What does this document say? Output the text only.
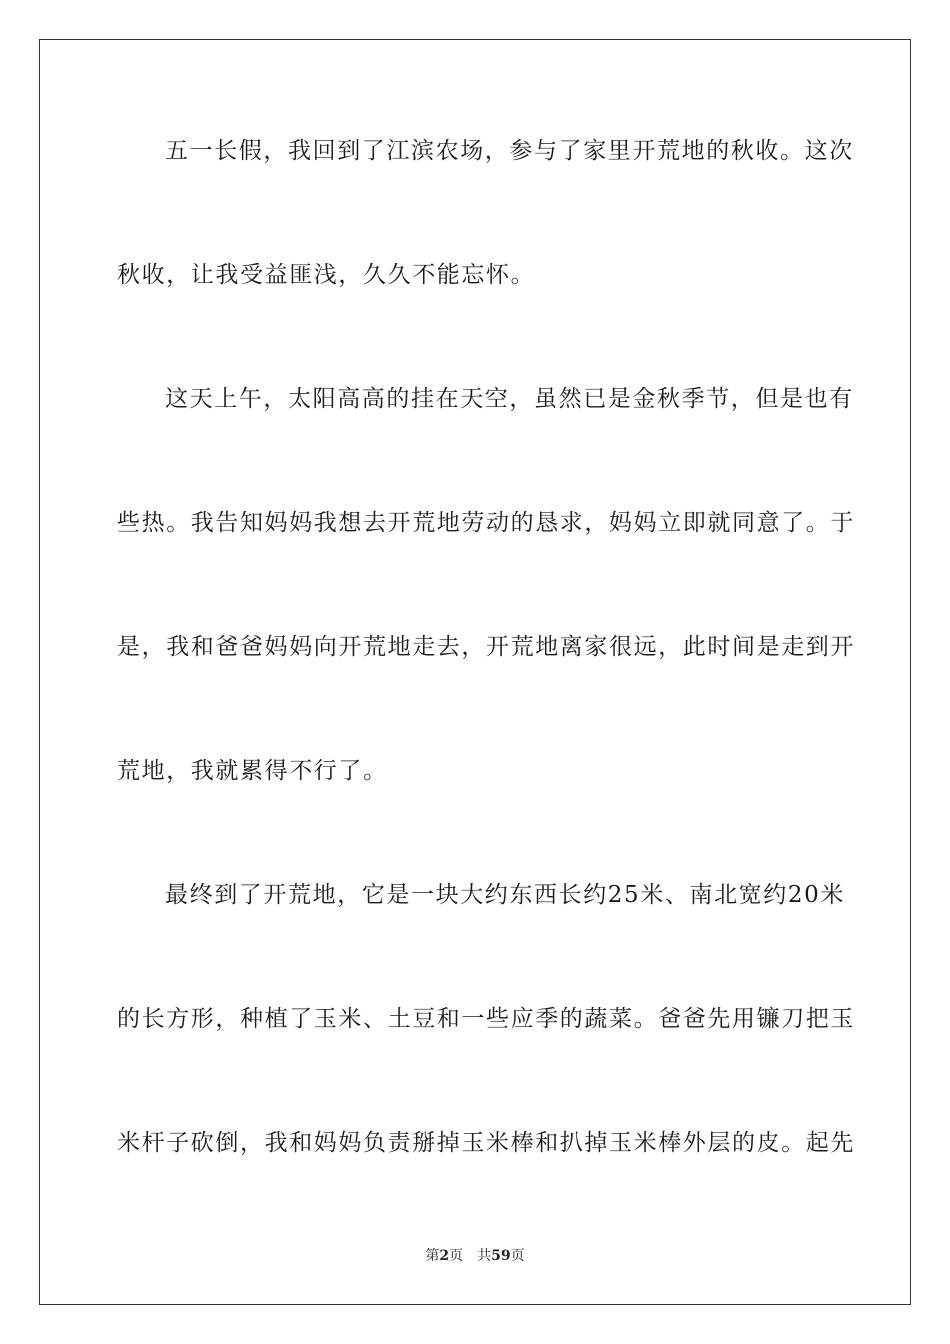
五一长假，我回到了江滨农场，参与了家里开荒地的秋收。这次
秋收，让我受益匪浅，久久不能忘怀。
这天上午，太阳高高的挂在天空，虽然已是金秋季节，但是也有
些热。我告知妈妈我想去开荒地劳动的恳求，妈妈立即就同意了。于
是，我和爸爸妈妈向开荒地走去，开荒地离家很远，此时间是走到开
荒地，我就累得不行了。
最终到了开荒地，它是一块大约东西长约25米、南北宽约20米
的长方形，种植了玉米、土豆和一些应季的蔬菜。爸爸先用镰刀把玉
米杆子砍倒，我和妈妈负责掰掉玉米棒和扒掉玉米棒外层的皮。起先
第2页 共59页
